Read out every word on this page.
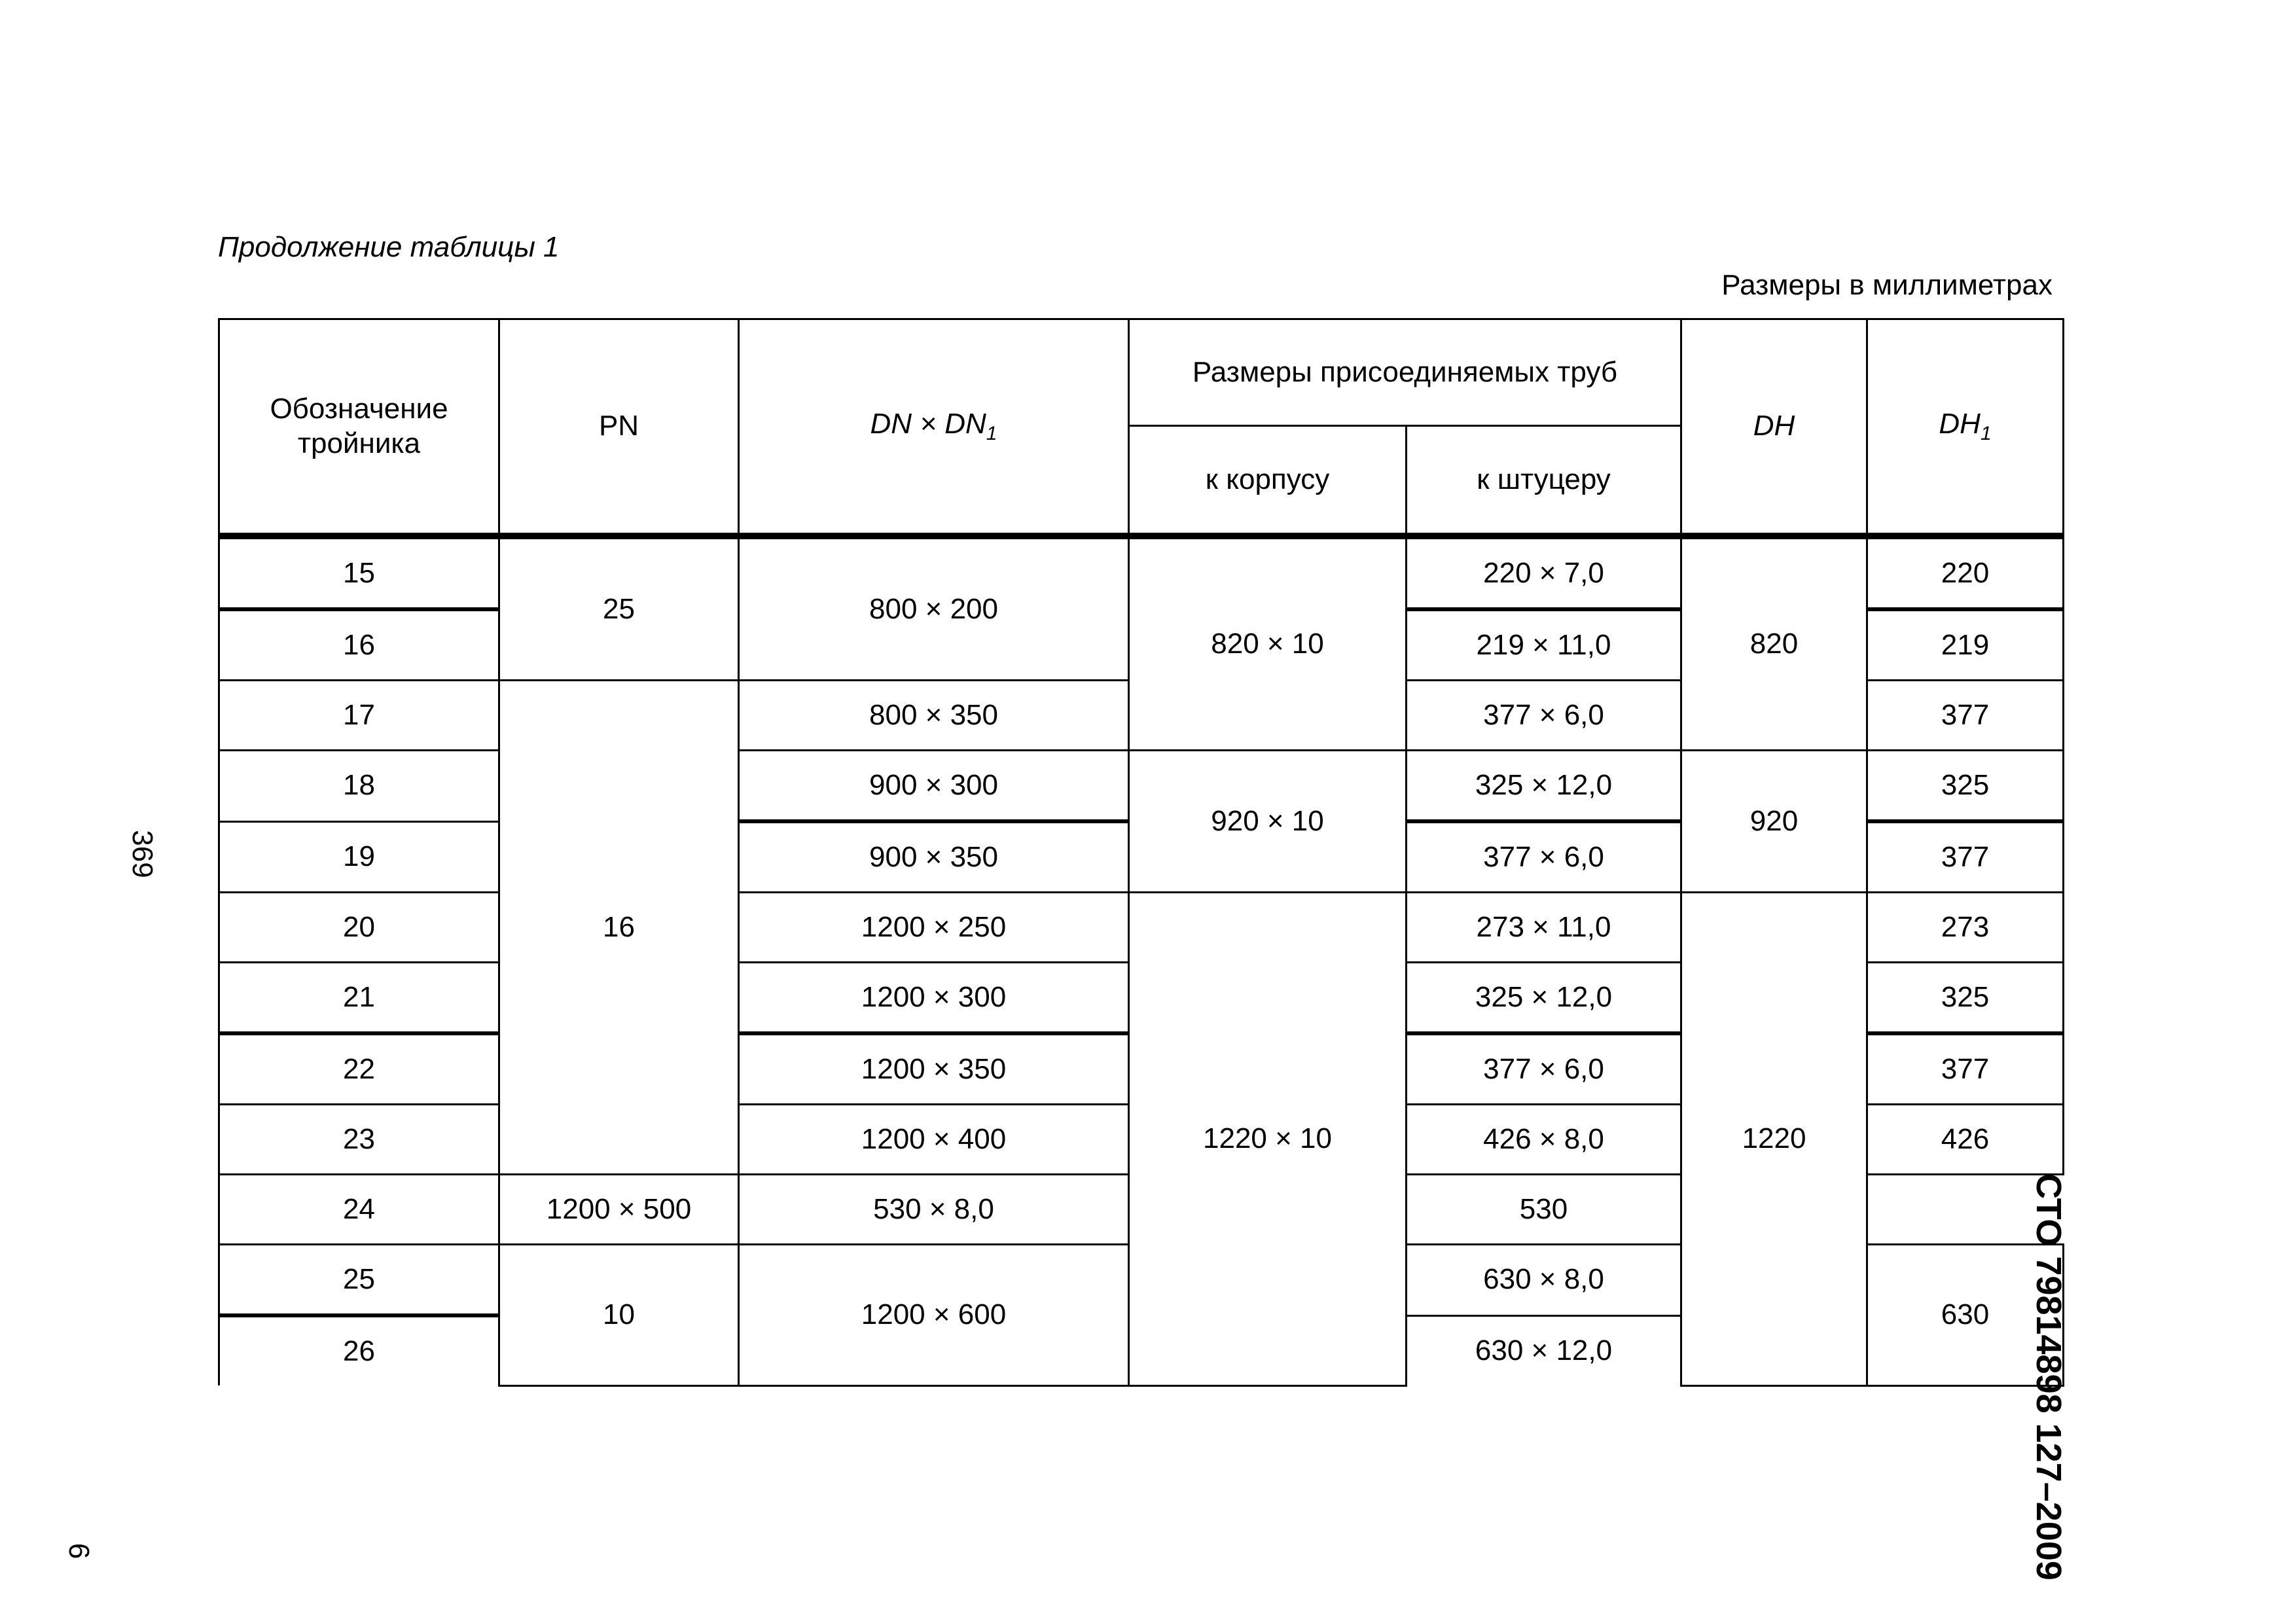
Продолжение таблицы 1
Размеры в миллиметрах
369
6	СТО 79814898 127–2009
Обозначение тройника	PN	DN × $DN_1$	Размеры присоединяемых труб		DH	$DH_1$
			к корпусу	к штуцеру		
15	25	800 × 200	820 × 10	220 × 7,0	820	220
16				219 × 11,0		219
17	16	800 × 350		377 × 6,0		377
18		900 × 300	920 × 10	325 × 12,0	920	325
19		900 × 350		377 × 6,0		377
20		1200 × 250	1220 × 10	273 × 11,0	1220	273
21		1200 × 300		325 × 12,0		325
22		1200 × 350		377 × 6,0		377
23		1200 × 400		426 × 8,0		426
24	1200 × 500	530 × 8,0		530		
25	10	1200 × 600		630 × 8,0		630
26				630 × 12,0		
